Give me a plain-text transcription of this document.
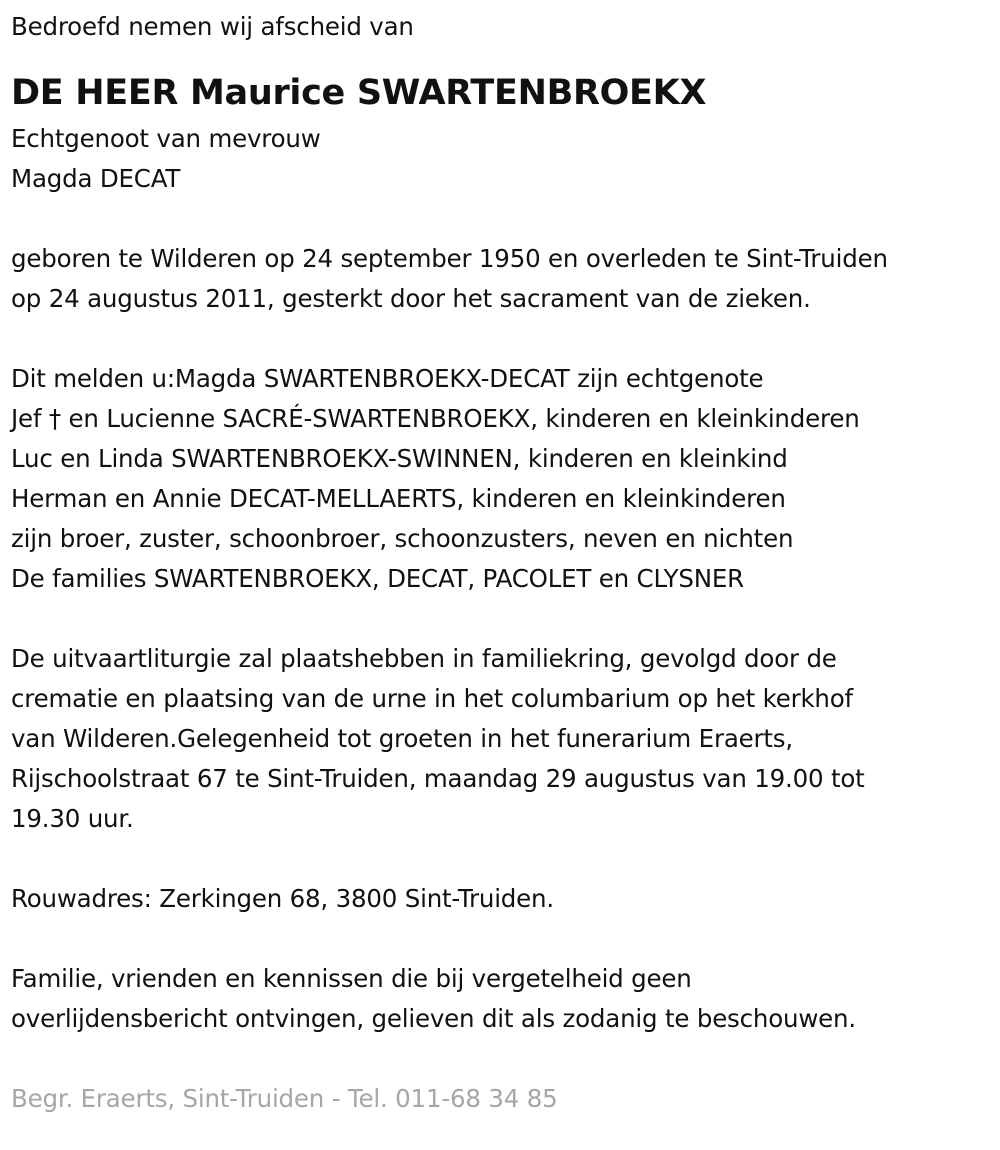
Bedroefd nemen wij afscheid van
DE HEER Maurice SWARTENBROEKX
Echtgenoot van mevrouw
Magda DECAT
geboren te Wilderen op 24 september 1950 en overleden te Sint-Truiden
op 24 augustus 2011, gesterkt door het sacrament van de zieken.
Dit melden u:Magda SWARTENBROEKX-DECAT zijn echtgenote
Jef † en Lucienne SACRÉ-SWARTENBROEKX, kinderen en kleinkinderen
Luc en Linda SWARTENBROEKX-SWINNEN, kinderen en kleinkind
Herman en Annie DECAT-MELLAERTS, kinderen en kleinkinderen
zijn broer, zuster, schoonbroer, schoonzusters, neven en nichten
De families SWARTENBROEKX, DECAT, PACOLET en CLYSNER
De uitvaartliturgie zal plaatshebben in familiekring, gevolgd door de
crematie en plaatsing van de urne in het columbarium op het kerkhof
van Wilderen.Gelegenheid tot groeten in het funerarium Eraerts,
Rijschoolstraat 67 te Sint-Truiden, maandag 29 augustus van 19.00 tot
19.30 uur.
Rouwadres: Zerkingen 68, 3800 Sint-Truiden.
Familie, vrienden en kennissen die bij vergetelheid geen
overlijdensbericht ontvingen, gelieven dit als zodanig te beschouwen.
Begr. Eraerts, Sint-Truiden - Tel. 011-68 34 85
